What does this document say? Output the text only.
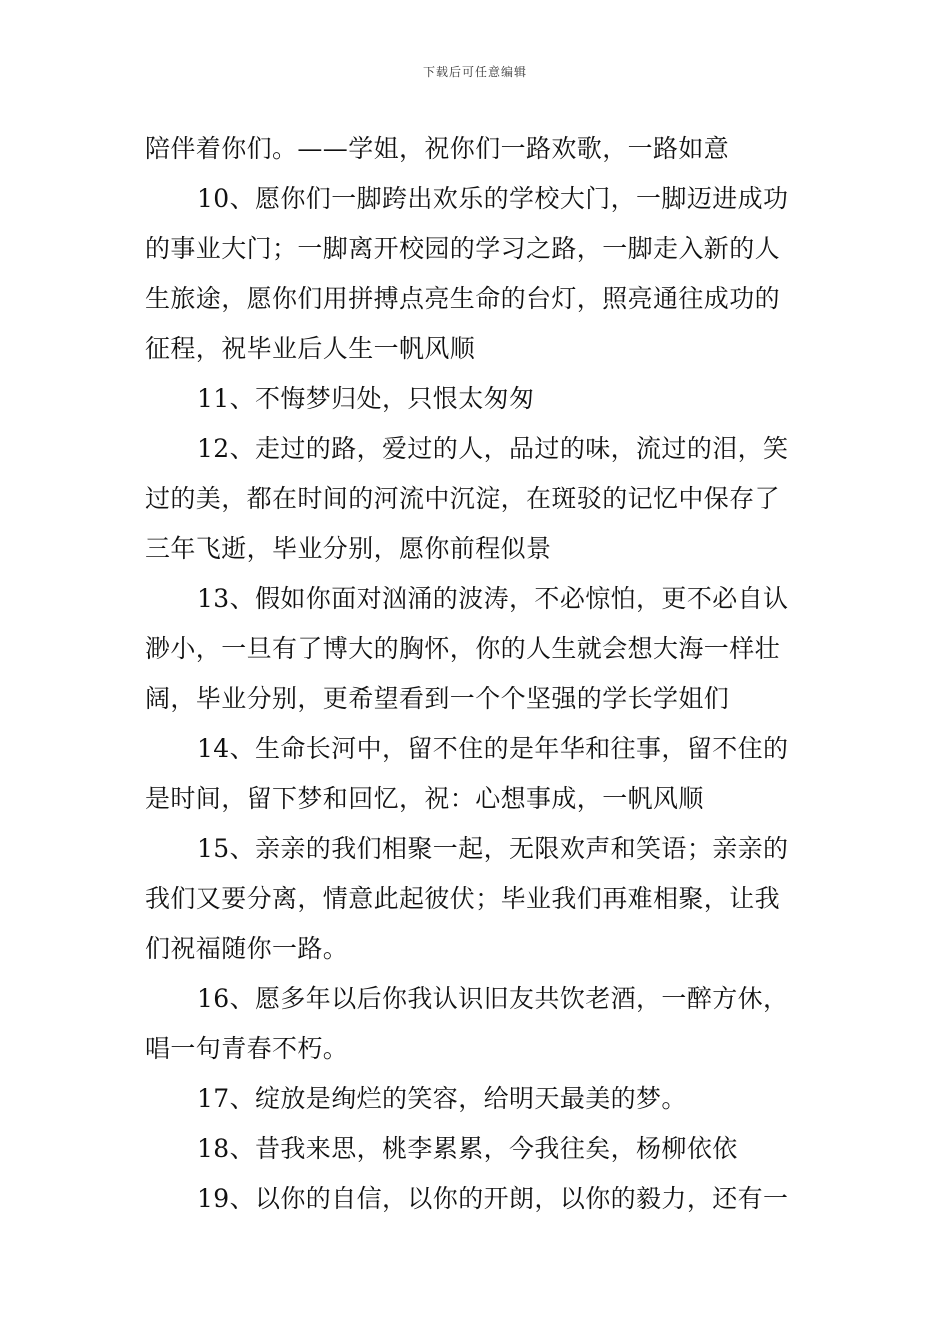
下载后可任意编辑
陪伴着你们。——学姐，祝你们一路欢歌，一路如意
10、愿你们一脚跨出欢乐的学校大门，一脚迈进成功
的事业大门；一脚离开校园的学习之路，一脚走入新的人
生旅途，愿你们用拼搏点亮生命的台灯，照亮通往成功的
征程，祝毕业后人生一帆风顺
11、不悔梦归处，只恨太匆匆
12、走过的路，爱过的人，品过的味，流过的泪，笑
过的美，都在时间的河流中沉淀，在斑驳的记忆中保存了
三年飞逝，毕业分别，愿你前程似景
13、假如你面对汹涌的波涛，不必惊怕，更不必自认
渺小，一旦有了博大的胸怀，你的人生就会想大海一样壮
阔，毕业分别，更希望看到一个个坚强的学长学姐们
14、生命长河中，留不住的是年华和往事，留不住的
是时间，留下梦和回忆，祝：心想事成，一帆风顺
15、亲亲的我们相聚一起，无限欢声和笑语；亲亲的
我们又要分离，情意此起彼伏；毕业我们再难相聚，让我
们祝福随你一路。
16、愿多年以后你我认识旧友共饮老酒，一醉方休，
唱一句青春不朽。
17、绽放是绚烂的笑容，给明天最美的梦。
18、昔我来思，桃李累累，今我往矣，杨柳依依
19、以你的自信，以你的开朗，以你的毅力，还有一
